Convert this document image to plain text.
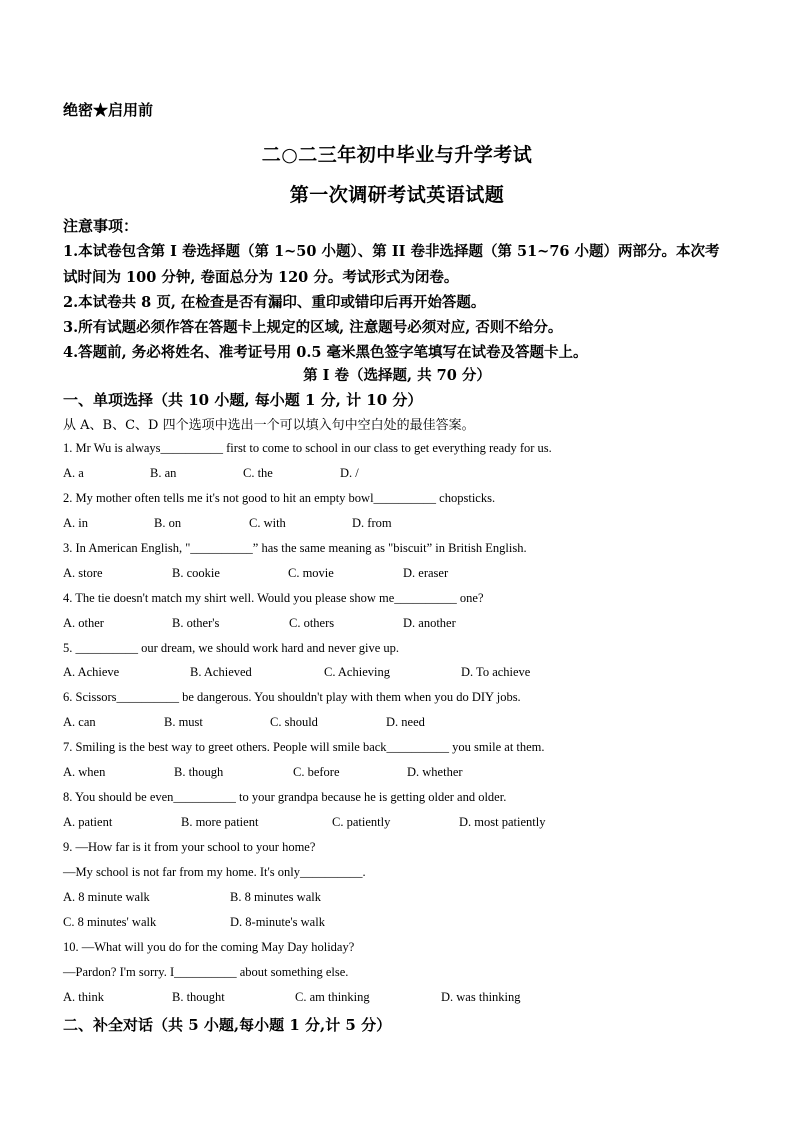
绝密★启用前
二○二三年初中毕业与升学考试
第一次调研考试英语试题
注意事项：
1.本试卷包含第 I 卷选择题（第 1~50 小题）、第 II 卷非选择题（第 51~76 小题）两部分。本次考
试时间为 100 分钟, 卷面总分为 120 分。考试形式为闭卷。
2.本试卷共 8 页, 在检查是否有漏印、重印或错印后再开始答题。
3.所有试题必须作答在答题卡上规定的区域, 注意题号必须对应, 否则不给分。
4.答题前, 务必将姓名、准考证号用 0.5 毫米黑色签字笔填写在试卷及答题卡上。
第 I 卷（选择题, 共 70 分）
一、单项选择（共 10 小题, 每小题 1 分, 计 10 分）
从 A、B、C、D 四个选项中选出一个可以填入句中空白处的最佳答案。
1. Mr Wu is always__________ first to come to school in our class to get everything ready for us.
A. a	B. an	C. the	D. /
2. My mother often tells me it's not good to hit an empty bowl__________ chopsticks.
A. in	B. on	C. with	D. from
3. In American English, "__________” has the same meaning as "biscuit” in British English.
A. store	B. cookie	C. movie	D. eraser
4. The tie doesn't match my shirt well. Would you please show me__________ one?
A. other	B. other's	C. others	D. another
5. __________ our dream, we should work hard and never give up.
A. Achieve	B. Achieved	C. Achieving	D. To achieve
6. Scissors__________ be dangerous. You shouldn't play with them when you do DIY jobs.
A. can	B. must	C. should	D. need
7. Smiling is the best way to greet others. People will smile back__________ you smile at them.
A. when	B. though	C. before	D. whether
8. You should be even__________ to your grandpa because he is getting older and older.
A. patient	B. more patient	C. patiently	D. most patiently
9. —How far is it from your school to your home?
—My school is not far from my home. It's only__________.
A. 8 minute walk	B. 8 minutes walk
C. 8 minutes' walk	D. 8-minute's walk
10. —What will you do for the coming May Day holiday?
—Pardon? I'm sorry. I__________ about something else.
A. think	B. thought	C. am thinking	D. was thinking
二、补全对话（共 5 小题,每小题 1 分,计 5 分）
